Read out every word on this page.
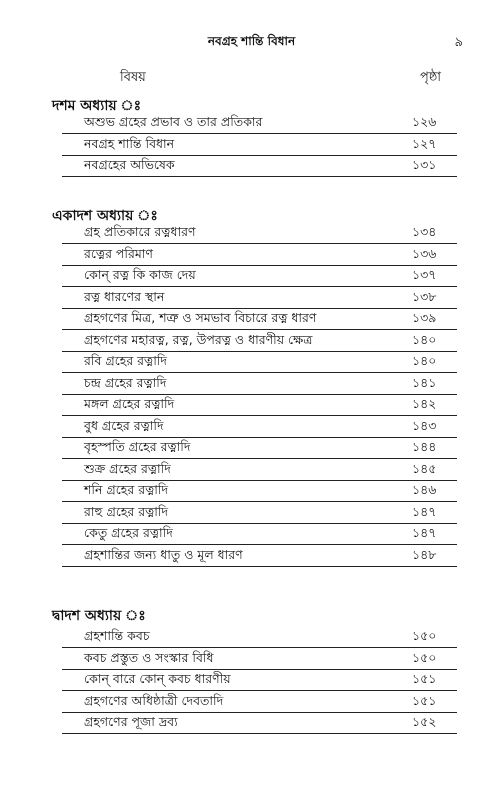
নবগ্রহ শান্তি বিধান	৯
বিষয়	পৃষ্ঠা
দশম অধ্যায় ঃ
অশুভ গ্রহের প্রভাব ও তার প্রতিকার	১২৬
নবগ্রহ শান্তি বিধান	১২৭
নবগ্রহের অভিষেক	১৩১
একাদশ অধ্যায় ঃ
গ্রহ প্রতিকারে রত্নধারণ	১৩৪
রত্নের পরিমাণ	১৩৬
কোন্ রত্ন কি কাজ দেয়	১৩৭
রত্ন ধারণের স্থান	১৩৮
গ্রহগণের মিত্র, শত্রু ও সমভাব বিচারে রত্ন ধারণ	১৩৯
গ্রহগণের মহারত্ন, রত্ন, উপরত্ন ও ধারণীয় ক্ষেত্র	১৪০
রবি গ্রহের রত্নাদি	১৪০
চন্দ্র গ্রহের রত্নাদি	১৪১
মঙ্গল গ্রহের রত্নাদি	১৪২
বুধ গ্রহের রত্নাদি	১৪৩
বৃহস্পতি গ্রহের রত্নাদি	১৪৪
শুক্র গ্রহের রত্নাদি	১৪৫
শনি গ্রহের রত্নাদি	১৪৬
রাহু গ্রহের রত্নাদি	১৪৭
কেতু গ্রহের রত্নাদি	১৪৭
গ্রহশান্তির জন্য ধাতু ও মূল ধারণ	১৪৮
দ্বাদশ অধ্যায় ঃ
গ্রহশান্তি কবচ	১৫০
কবচ প্রস্তুত ও সংস্কার বিধি	১৫০
কোন্ বারে কোন্ কবচ ধারণীয়	১৫১
গ্রহগণের অধিষ্ঠাত্রী দেবতাদি	১৫১
গ্রহগণের পূজা দ্রব্য	১৫২
